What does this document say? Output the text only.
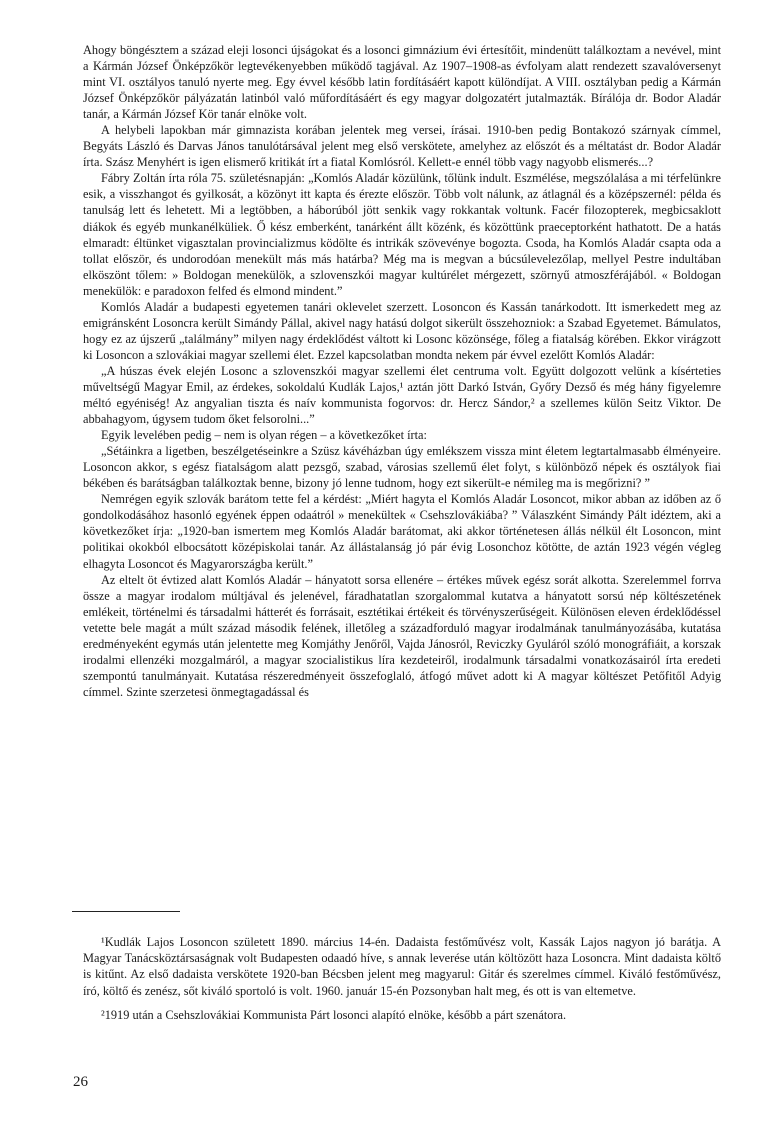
Ahogy böngésztem a század eleji losonci újságokat és a losonci gimnázium évi értesítőit, mindenütt találkoztam a nevével, mint a Kármán József Önképzőkör legtevékenyebben működő tagjával. Az 1907–1908-as évfolyam alatt rendezett szavalóversenyt mint VI. osztályos tanuló nyerte meg. Egy évvel később latin fordításáért kapott különdíjat. A VIII. osztályban pedig a Kármán József Önképzőkör pályázatán latinból való műfordításáért és egy magyar dolgozatért jutalmazták. Bírálója dr. Bodor Aladár tanár, a Kármán József Kör tanár elnöke volt.

A helybeli lapokban már gimnazista korában jelentek meg versei, írásai. 1910-ben pedig Bontakozó szárnyak címmel, Begyáts László és Darvas János tanulótársával jelent meg első verskötete, amelyhez az előszót és a méltatást dr. Bodor Aladár írta. Szász Menyhért is igen elismerő kritikát írt a fiatal Komlósról. Kellett-e ennél több vagy nagyobb elismerés...?

Fábry Zoltán írta róla 75. születésnapján: „Komlós Aladár közülünk, tőlünk indult. Eszmélése, megszólalása a mi térfelünkre esik, a visszhangot és gyilkosát, a közönyt itt kapta és érezte először. Több volt nálunk, az átlagnál és a középszernél: példa és tanulság lett és lehetett. Mi a legtöbben, a háborúból jött senkik vagy rokkantak voltunk. Facér filozopterek, megbicsaklott diákok és egyéb munkanélküliek. Ő kész emberként, tanárként állt közénk, és közöttünk praeceptorként hathatott. De a hatás elmaradt: éltünket vigasztalan provincializmus ködölte és intrikák szövevénye bogozta. Csoda, ha Komlós Aladár csapta oda a tollat először, és undorodóan menekült más más határba? Még ma is megvan a búcsúlevelezőlap, mellyel Pestre indultában elköszönt tőlem: » Boldogan menekülök, a szlovenszkói magyar kultúrélet mérgezett, szörnyű atmoszférájából. « Boldogan menekülök: e paradoxon felfed és elmond mindent.”

Komlós Aladár a budapesti egyetemen tanári oklevelet szerzett. Losoncon és Kassán tanárkodott. Itt ismerkedett meg az emigránsként Losoncra került Simándy Pállal, akivel nagy hatású dolgot sikerült összehozniok: a Szabad Egyetemet. Bámulatos, hogy ez az újszerű „találmány” milyen nagy érdeklődést váltott ki Losonc közönsége, főleg a fiatalság körében. Ekkor virágzott ki Losoncon a szlovákiai magyar szellemi élet. Ezzel kapcsolatban mondta nekem pár évvel ezelőtt Komlós Aladár:

„A húszas évek elején Losonc a szlovenszkói magyar szellemi élet centruma volt. Együtt dolgozott velünk a kísérteties műveltségű Magyar Emil, az érdekes, sokoldalú Kudlák Lajos,¹ aztán jött Darkó István, Győry Dezső és még hány figyelemre méltó egyéniség! Az angyalian tiszta és naív kommunista fogorvos: dr. Hercz Sándor,² a szellemes külön Seitz Viktor. De abbahagyom, úgysem tudom őket felsorolni...”

Egyik levelében pedig – nem is olyan régen – a következőket írta:

„Sétáinkra a ligetben, beszélgetéseinkre a Szüsz kávéházban úgy emlékszem vissza mint életem legtartalmasabb élményeire. Losoncon akkor, s egész fiatalságom alatt pezsgő, szabad, városias szellemű élet folyt, s különböző népek és osztályok fiai békében és barátságban találkoztak benne, bizony jó lenne tudnom, hogy ezt sikerült-e némileg ma is megőrizni? ”

Nemrégen egyik szlovák barátom tette fel a kérdést: „Miért hagyta el Komlós Aladár Losoncot, mikor abban az időben az ő gondolkodásához hasonló egyének éppen odaátról » menekültek « Csehszlovákiába? ” Válaszként Simándy Pált idéztem, aki a következőket írja: „1920-ban ismertem meg Komlós Aladár barátomat, aki akkor történetesen állás nélkül élt Losoncon, mint politikai okokból elbocsátott középiskolai tanár. Az állástalanság jó pár évig Losonchoz kötötte, de aztán 1923 végén végleg elhagyta Losoncot és Magyarországba került.”

Az eltelt öt évtized alatt Komlós Aladár – hányatott sorsa ellenére – értékes művek egész sorát alkotta. Szerelemmel forrva össze a magyar irodalom múltjával és jelenével, fáradhatatlan szorgalommal kutatva a hányatott sorsú nép költészetének emlékeit, történelmi és társadalmi hátterét és forrásait, esztétikai értékeit és törvényszerűségeit. Különösen eleven érdeklődéssel vetette bele magát a múlt század második felének, illetőleg a századforduló magyar irodalmának tanulmányozásába, kutatása eredményeként egymás után jelentette meg Komjáthy Jenőről, Vajda Jánosról, Reviczky Gyuláról szóló monográfiáit, a korszak irodalmi ellenzéki mozgalmáról, a magyar szocialistikus líra kezdeteiről, irodalmunk társadalmi vonatkozásairól írta eredeti szempontú tanulmányait. Kutatása részeredményeit összefoglaló, átfogó művet adott ki A magyar költészet Petőfitől Adyig címmel. Szinte szerzetesi önmegtagadással és

¹Kudlák Lajos Losoncon született 1890. március 14-én. Dadaista festőművész volt, Kassák Lajos nagyon jó barátja. A Magyar Tanácsköztársaságnak volt Budapesten odaadó híve, s annak leverése után költözött haza Losoncra. Mint dadaista költő is kitűnt. Az első dadaista verskötete 1920-ban Bécsben jelent meg magyarul: Gitár és szerelmes címmel. Kiváló festőművész, író, költő és zenész, sőt kiváló sportoló is volt. 1960. január 15-én Pozsonyban halt meg, és ott is van eltemetve.

²1919 után a Csehszlovákiai Kommunista Párt losonci alapító elnöke, később a párt szenátora.

26
